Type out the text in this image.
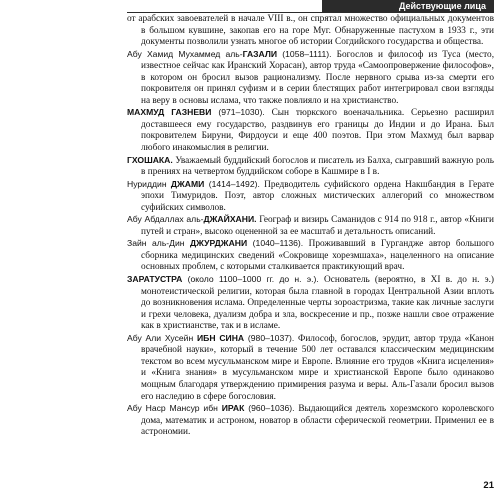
Действующие лица

от арабских завоевателей в начале VIII в., он спрятал множество официальных документов в большом кувшине, закопав его на горе Муг. Обнаруженные пастухом в 1933 г., эти документы позволили узнать многое об истории Согдийского государства и общества.

Абу Хамид Мухаммед аль-ГАЗАЛИ (1058–1111). Богослов и философ из Туса (место, известное сейчас как Иранский Хорасан), автор труда «Самоопровержение философов», в котором он бросил вызов рационализму. После нервного срыва из-за смерти его покровителя он принял суфизм и в серии блестящих работ интегрировал свои взгляды на веру в основы ислама, что также повлияло и на христианство.

МАХМУД ГАЗНЕВИ (971–1030). Сын тюркского военачальника. Серьезно расширил доставшееся ему государство, раздвинув его границы до Индии и до Ирана. Был покровителем Бируни, Фирдоуси и еще 400 поэтов. При этом Махмуд был варвар любого инакомыслия в религии.

ГХОШАКА. Уважаемый буддийский богослов и писатель из Балха, сыгравший важную роль в прениях на четвертом буддийском соборе в Кашмире в I в.

Нуриддин ДЖАМИ (1414–1492). Предводитель суфийского ордена Накшбандия в Герате эпохи Тимуридов. Поэт, автор сложных мистических аллегорий со множеством суфийских символов.

Абу Абдаллах аль-ДЖАЙХАНИ. Географ и визирь Саманидов с 914 по 918 г., автор «Книги путей и стран», высоко оцененной за ее масштаб и детальность описаний.

Зайн аль-Дин ДЖУРДЖАНИ (1040–1136). Проживавший в Гургандже автор большого сборника медицинских сведений «Сокровище хорезмшаха», нацеленного на описание основных проблем, с которыми сталкивается практикующий врач.

ЗАРАТУСТРА (около 1100–1000 гг. до н. э.). Основатель (вероятно, в XI в. до н. э.) монотеистической религии, которая была главной в городах Центральной Азии вплоть до возникновения ислама. Определенные черты зороастризма, такие как личные заслуги и грехи человека, дуализм добра и зла, воскресение и пр., позже нашли свое отражение как в христианстве, так и в исламе.

Абу Али Хусейн ИБН СИНА (980–1037). Философ, богослов, эрудит, автор труда «Канон врачебной науки», который в течение 500 лет оставался классическим медицинским текстом во всем мусульманском мире и Европе. Влияние его трудов «Книга исцеления» и «Книга знания» в мусульманском мире и христианской Европе было одинаково мощным благодаря утверждению примирения разума и веры. Аль-Газали бросил вызов его наследию в сфере богословия.

Абу Наср Мансур ибн ИРАК (960–1036). Выдающийся деятель хорезмского королевского дома, математик и астроном, новатор в области сферической геометрии. Применил ее в астрономии.

21
